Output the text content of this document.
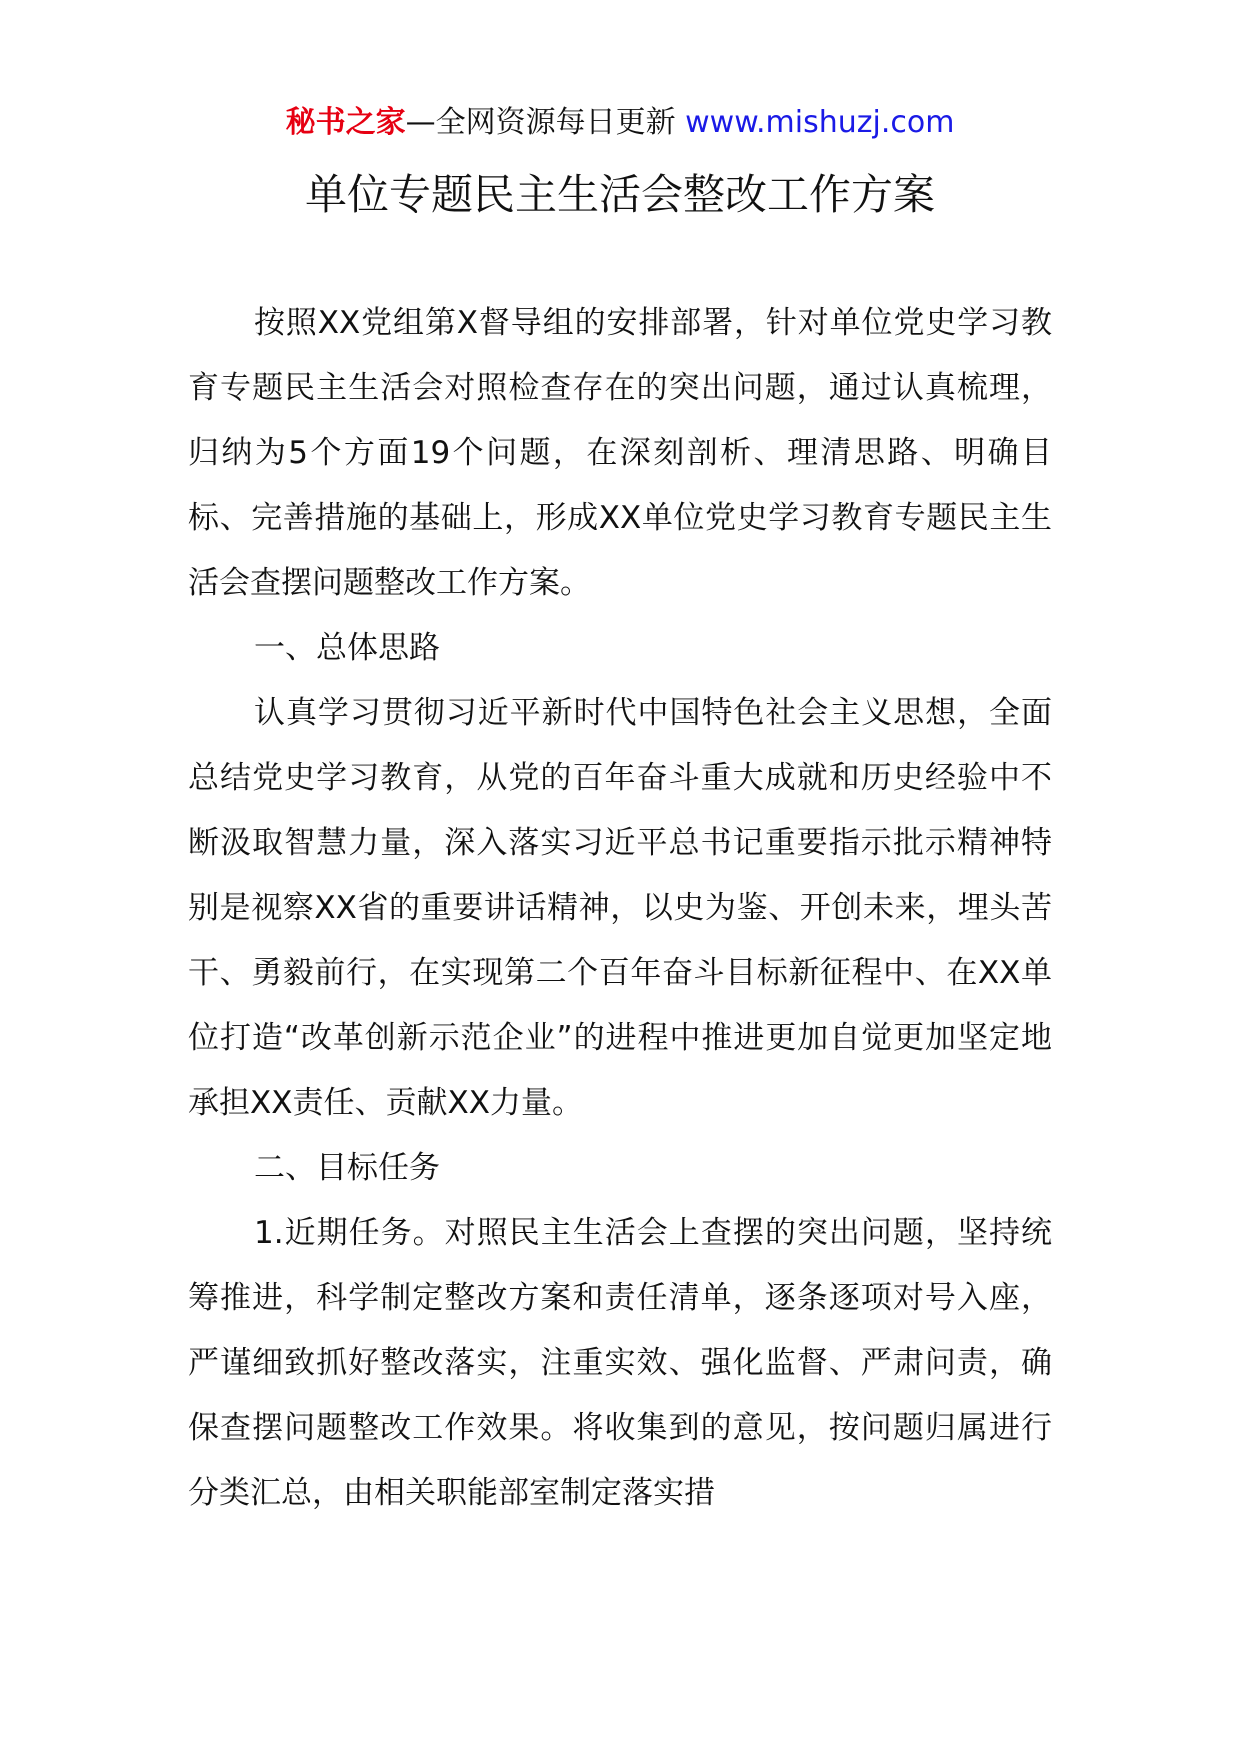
秘书之家—全网资源每日更新 www.mishuzj.com
单位专题民主生活会整改工作方案

按照XX党组第X督导组的安排部署，针对单位党史学习教育专题民主生活会对照检查存在的突出问题，通过认真梳理，归纳为5个方面19个问题，在深刻剖析、理清思路、明确目标、完善措施的基础上，形成XX单位党史学习教育专题民主生活会查摆问题整改工作方案。

一、总体思路

认真学习贯彻习近平新时代中国特色社会主义思想，全面总结党史学习教育，从党的百年奋斗重大成就和历史经验中不断汲取智慧力量，深入落实习近平总书记重要指示批示精神特别是视察XX省的重要讲话精神，以史为鉴、开创未来，埋头苦干、勇毅前行，在实现第二个百年奋斗目标新征程中、在XX单位打造“改革创新示范企业”的进程中推进更加自觉更加坚定地承担XX责任、贡献XX力量。

二、目标任务

1.近期任务。对照民主生活会上查摆的突出问题，坚持统筹推进，科学制定整改方案和责任清单，逐条逐项对号入座，严谨细致抓好整改落实，注重实效、强化监督、严肃问责，确保查摆问题整改工作效果。将收集到的意见，按问题归属进行分类汇总，由相关职能部室制定落实措
